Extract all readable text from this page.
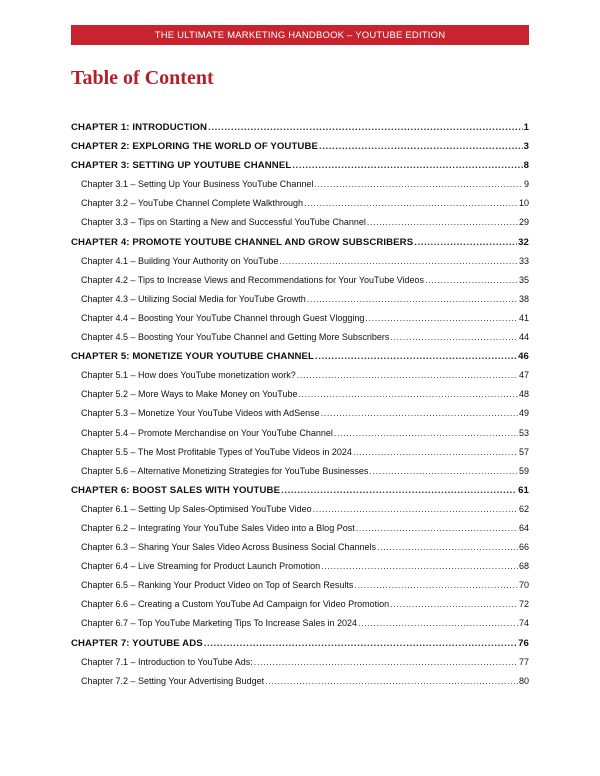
THE ULTIMATE MARKETING HANDBOOK – YOUTUBE EDITION
Table of Content
CHAPTER 1: INTRODUCTION .....	1
CHAPTER 2: EXPLORING THE WORLD OF YOUTUBE .....	3
CHAPTER 3: SETTING UP YOUTUBE CHANNEL .....	8
Chapter 3.1 – Setting Up Your Business YouTube Channel .....	9
Chapter 3.2 – YouTube Channel Complete Walkthrough .....	10
Chapter 3.3 – Tips on Starting a New and Successful YouTube Channel .....	29
CHAPTER 4: PROMOTE YOUTUBE CHANNEL AND GROW SUBSCRIBERS .....	32
Chapter 4.1 – Building Your Authority on YouTube .....	33
Chapter 4.2 – Tips to Increase Views and Recommendations for Your YouTube Videos .....	35
Chapter 4.3 – Utilizing Social Media for YouTube Growth .....	38
Chapter 4.4 – Boosting Your YouTube Channel through Guest Vlogging .....	41
Chapter 4.5 – Boosting Your YouTube Channel and Getting More Subscribers .....	44
CHAPTER 5: MONETIZE YOUR YOUTUBE CHANNEL .....	46
Chapter 5.1 – How does YouTube monetization work? .....	47
Chapter 5.2 – More Ways to Make Money on YouTube .....	48
Chapter 5.3 – Monetize Your YouTube Videos with AdSense .....	49
Chapter 5.4 – Promote Merchandise on Your YouTube Channel .....	53
Chapter 5.5 – The Most Profitable Types of YouTube Videos in 2024 .....	57
Chapter 5.6 – Alternative Monetizing Strategies for YouTube Businesses .....	59
CHAPTER 6: BOOST SALES WITH YOUTUBE .....	61
Chapter 6.1 – Setting Up Sales-Optimised YouTube Video .....	62
Chapter 6.2 – Integrating Your YouTube Sales Video into a Blog Post .....	64
Chapter 6.3 – Sharing Your Sales Video Across Business Social Channels .....	66
Chapter 6.4 – Live Streaming for Product Launch Promotion .....	68
Chapter 6.5 – Ranking Your Product Video on Top of Search Results .....	70
Chapter 6.6 – Creating a Custom YouTube Ad Campaign for Video Promotion .....	72
Chapter 6.7 – Top YouTube Marketing Tips To Increase Sales in 2024 .....	74
CHAPTER 7: YOUTUBE ADS .....	76
Chapter 7.1 – Introduction to YouTube Ads: .....	77
Chapter 7.2 – Setting Your Advertising Budget .....	80
